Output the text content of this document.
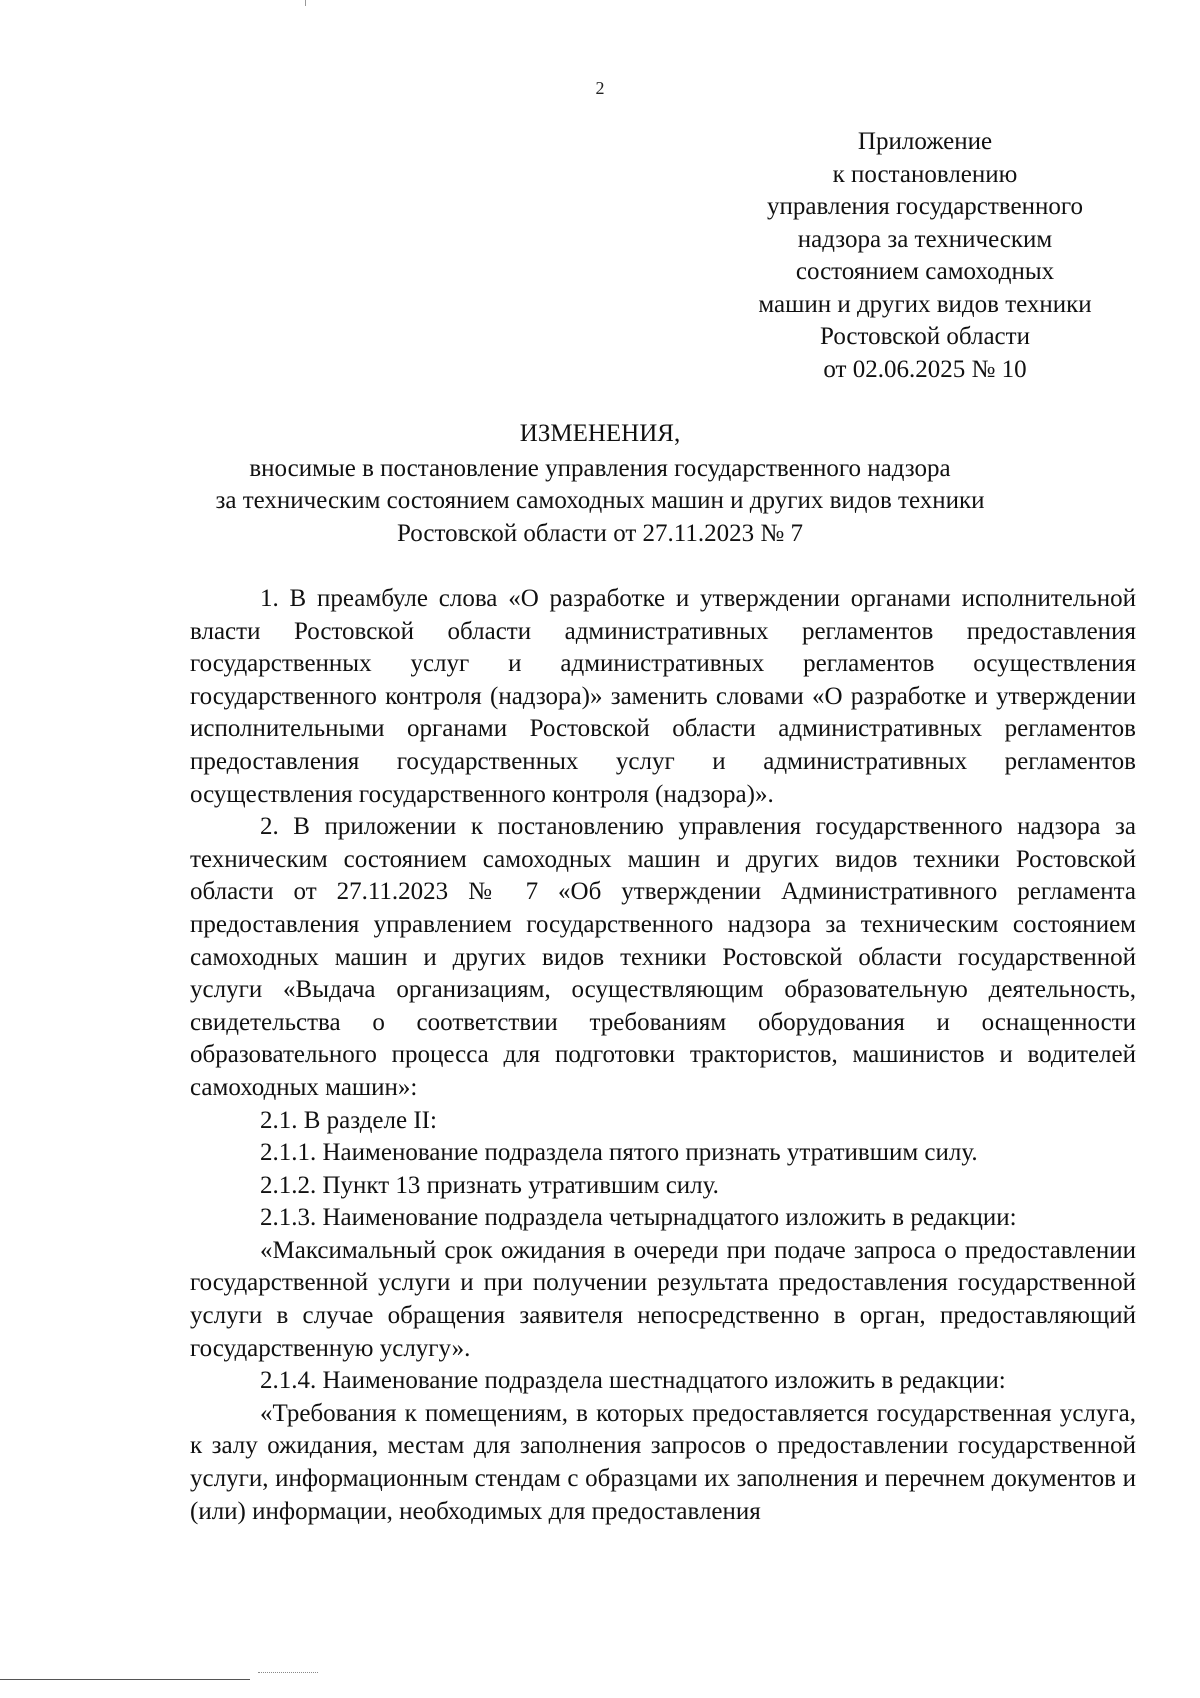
2
Приложение
к постановлению
управления государственного
надзора за техническим
состоянием самоходных
машин и других видов техники
Ростовской области
от 02.06.2025 № 10
ИЗМЕНЕНИЯ,
вносимые в постановление управления государственного надзора
за техническим состоянием самоходных машин и других видов техники
Ростовской области от 27.11.2023 № 7

1. В преамбуле слова «О разработке и утверждении органами исполнительной власти Ростовской области административных регламентов предоставления государственных услуг и административных регламентов осуществления государственного контроля (надзора)» заменить словами «О разработке и утверждении исполнительными органами Ростовской области административных регламентов предоставления государственных услуг и административных регламентов осуществления государственного контроля (надзора)».

2. В приложении к постановлению управления государственного надзора за техническим состоянием самоходных машин и других видов техники Ростовской области от 27.11.2023 № 7 «Об утверждении Административного регламента предоставления управлением государственного надзора за техническим состоянием самоходных машин и других видов техники Ростовской области государственной услуги «Выдача организациям, осуществляющим образовательную деятельность, свидетельства о соответствии требованиям оборудования и оснащенности образовательного процесса для подготовки трактористов, машинистов и водителей самоходных машин»:

2.1. В разделе II:

2.1.1. Наименование подраздела пятого признать утратившим силу.

2.1.2. Пункт 13 признать утратившим силу.

2.1.3. Наименование подраздела четырнадцатого изложить в редакции:

«Максимальный срок ожидания в очереди при подаче запроса о предоставлении государственной услуги и при получении результата предоставления государственной услуги в случае обращения заявителя непосредственно в орган, предоставляющий государственную услугу».

2.1.4. Наименование подраздела шестнадцатого изложить в редакции:

«Требования к помещениям, в которых предоставляется государственная услуга, к залу ожидания, местам для заполнения запросов о предоставлении государственной услуги, информационным стендам с образцами их заполнения и перечнем документов и (или) информации, необходимых для предоставления
